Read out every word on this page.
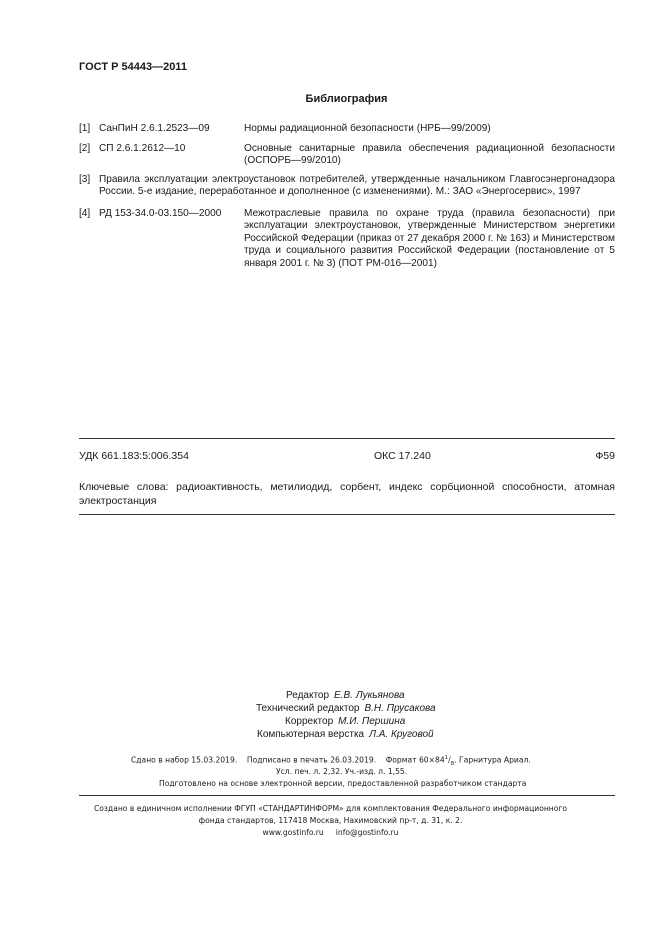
ГОСТ Р 54443—2011
Библиография
[1] СанПиН 2.6.1.2523—09	Нормы радиационной безопасности (НРБ—99/2009)
[2] СП 2.6.1.2612—10	Основные санитарные правила обеспечения радиационной безопасности (ОСПОРБ—99/2010)
[3] Правила эксплуатации электроустановок потребителей, утвержденные начальником Главгосэнергонадзора России. 5-е издание, переработанное и дополненное (с изменениями). М.: ЗАО «Энергосервис», 1997
[4] РД 153-34.0-03.150—2000 Межотраслевые правила по охране труда (правила безопасности) при эксплуатации электроустановок, утвержденные Министерством энергетики Российской Федерации (приказ от 27 декабря 2000 г. № 163) и Министерством труда и социального развития Российской Федерации (постановление от 5 января 2001 г. № 3) (ПОТ РМ-016—2001)
УДК 661.183:5:006.354	ОКС 17.240	Ф59
Ключевые слова: радиоактивность, метилиодид, сорбент, индекс сорбционной способности, атомная электростанция
Редактор Е.В. Лукьянова
Технический редактор В.Н. Прусакова
Корректор М.И. Першина
Компьютерная верстка Л.А. Круговой
Сдано в набор 15.03.2019. Подписано в печать 26.03.2019. Формат $60\times 84^1/_8$. Гарнитура Ариал.
Усл. печ. л. 2,32. Уч.-изд. л. 1,55.
Подготовлено на основе электронной версии, предоставленной разработчиком стандарта
Создано в единичном исполнении ФГУП «СТАНДАРТИНФОРМ» для комплектования Федерального информационного
фонда стандартов, 117418 Москва, Нахимовский пр-т, д. 31, к. 2.
www.gostinfo.ru info@gostinfo.ru
